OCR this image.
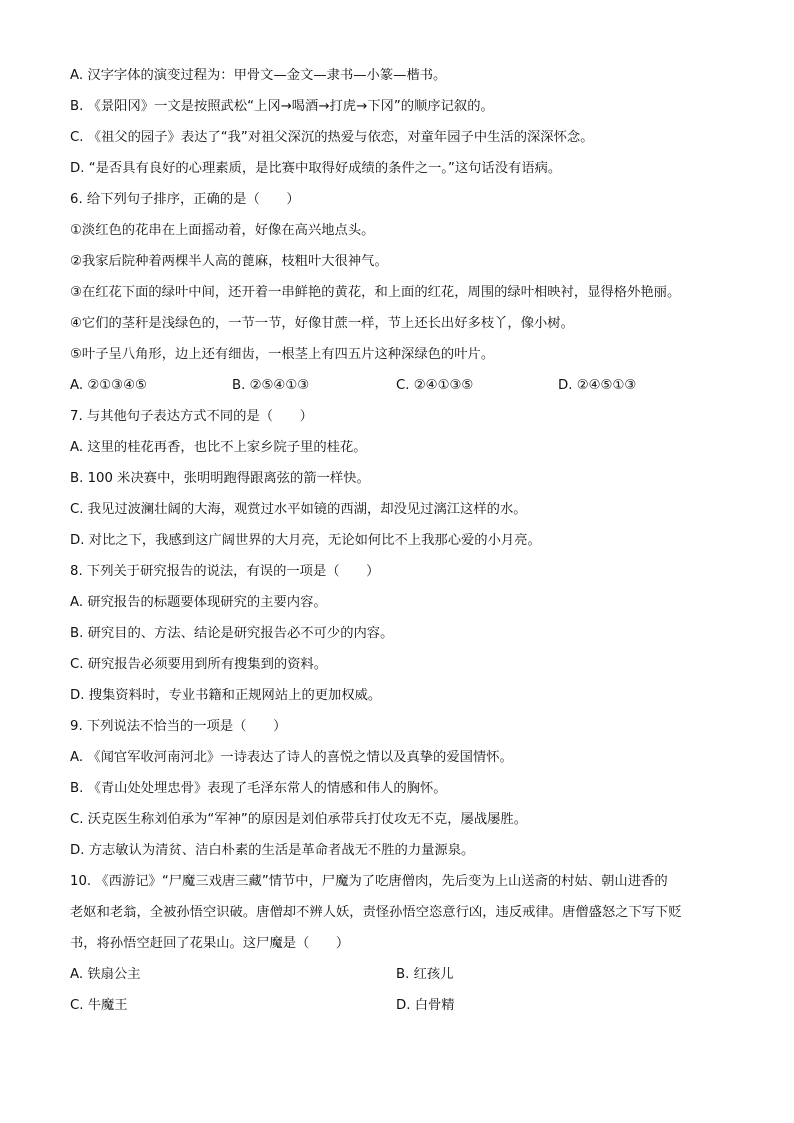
A. 汉字字体的演变过程为：甲骨文—金文—隶书—小篆—楷书。
B. 《景阳冈》一文是按照武松“上冈→喝酒→打虎→下冈”的顺序记叙的。
C. 《祖父的园子》表达了“我”对祖父深沉的热爱与依恋，对童年园子中生活的深深怀念。
D. “是否具有良好的心理素质，是比赛中取得好成绩的条件之一。”这句话没有语病。
6. 给下列句子排序，正确的是（　　）
①淡红色的花串在上面摇动着，好像在高兴地点头。
②我家后院种着两棵半人高的蓖麻，枝粗叶大很神气。
③在红花下面的绿叶中间，还开着一串鲜艳的黄花，和上面的红花，周围的绿叶相映衬，显得格外艳丽。
④它们的茎秆是浅绿色的，一节一节，好像甘蔗一样，节上还长出好多枝丫，像小树。
⑤叶子呈八角形，边上还有细齿，一根茎上有四五片这种深绿色的叶片。
A. ②①③④⑤	B. ②⑤④①③	C. ②④①③⑤	D. ②④⑤①③
7. 与其他句子表达方式不同的是（　　）
A. 这里的桂花再香，也比不上家乡院子里的桂花。
B. 100 米决赛中，张明明跑得跟离弦的箭一样快。
C. 我见过波澜壮阔的大海，观赏过水平如镜的西湖，却没见过漓江这样的水。
D. 对比之下，我感到这广阔世界的大月亮，无论如何比不上我那心爱的小月亮。
8. 下列关于研究报告的说法，有误的一项是（　　）
A. 研究报告的标题要体现研究的主要内容。
B. 研究目的、方法、结论是研究报告必不可少的内容。
C. 研究报告必须要用到所有搜集到的资料。
D. 搜集资料时，专业书籍和正规网站上的更加权威。
9. 下列说法不恰当的一项是（　　）
A. 《闻官军收河南河北》一诗表达了诗人的喜悦之情以及真挚的爱国情怀。
B. 《青山处处埋忠骨》表现了毛泽东常人的情感和伟人的胸怀。
C. 沃克医生称刘伯承为“军神”的原因是刘伯承带兵打仗攻无不克，屡战屡胜。
D. 方志敏认为清贫、洁白朴素的生活是革命者战无不胜的力量源泉。
10. 《西游记》“尸魔三戏唐三藏”情节中，尸魔为了吃唐僧肉，先后变为上山送斋的村姑、朝山进香的
老妪和老翁，全被孙悟空识破。唐僧却不辨人妖，责怪孙悟空恣意行凶，违反戒律。唐僧盛怒之下写下贬
书，将孙悟空赶回了花果山。这尸魔是（　　）
A. 铁扇公主	B. 红孩儿
C. 牛魔王	D. 白骨精
